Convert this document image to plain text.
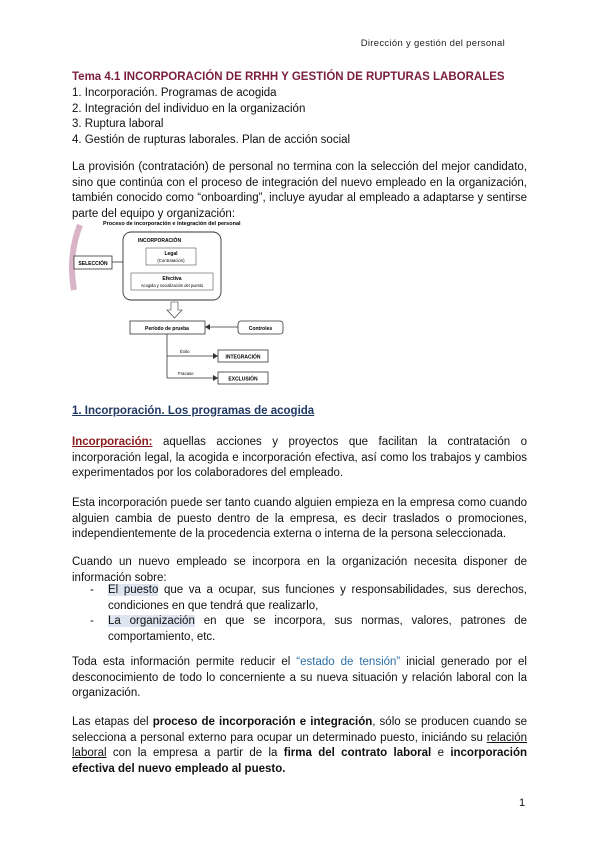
Dirección y gestión del personal
Tema 4.1 INCORPORACIÓN DE RRHH Y GESTIÓN DE RUPTURAS LABORALES
1. Incorporación. Programas de acogida
2. Integración del individuo en la organización
3. Ruptura laboral
4. Gestión de rupturas laborales. Plan de acción social
La provisión (contratación) de personal no termina con la selección del mejor candidato, sino que continúa con el proceso de integración del nuevo empleado en la organización, también conocido como “onboarding”, incluye ayudar al empleado a adaptarse y sentirse parte del equipo y organización:
Proceso de incorporación e integración del personal
SELECCIÓN
INCORPORACIÓN
Legal
(Contratación)
Efectiva
Acogida y socialización del puesto
Período de prueba	Controles
Éxito
INTEGRACIÓN
Fracaso
EXCLUSIÓN
1. Incorporación. Los programas de acogida
Incorporación: aquellas acciones y proyectos que facilitan la contratación o incorporación legal, la acogida e incorporación efectiva, así como los trabajos y cambios experimentados por los colaboradores del empleado.
Esta incorporación puede ser tanto cuando alguien empieza en la empresa como cuando alguien cambia de puesto dentro de la empresa, es decir traslados o promociones, independientemente de la procedencia externa o interna de la persona seleccionada.
Cuando un nuevo empleado se incorpora en la organización necesita disponer de información sobre:
-	El puesto que va a ocupar, sus funciones y responsabilidades, sus derechos, condiciones en que tendrá que realizarlo,
-	La organización en que se incorpora, sus normas, valores, patrones de comportamiento, etc.
Toda esta información permite reducir el “estado de tensión” inicial generado por el desconocimiento de todo lo concerniente a su nueva situación y relación laboral con la organización.
Las etapas del proceso de incorporación e integración, sólo se producen cuando se selecciona a personal externo para ocupar un determinado puesto, iniciándo su relación laboral con la empresa a partir de la firma del contrato laboral e incorporación efectiva del nuevo empleado al puesto.
1
